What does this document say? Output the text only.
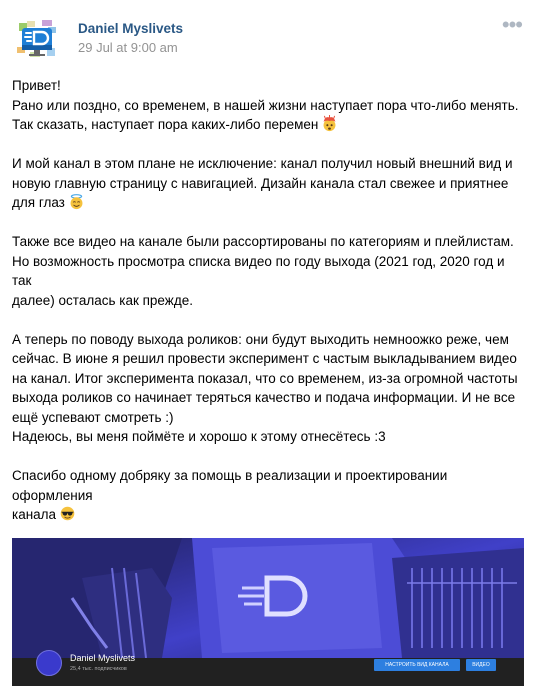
Daniel Myslivets
29 Jul at 9:00 am
•••

Привет!
Рано или поздно, со временем, в нашей жизни наступает пора что-либо менять.
Так сказать, наступает пора каких-либо перемен

И мой канал в этом плане не исключение: канал получил новый внешний вид и
новую главную страницу с навигацией. Дизайн канала стал свежее и приятнее
для глаз

Также все видео на канале были рассортированы по категориям и плейлистам.
Но возможность просмотра списка видео по году выхода (2021 год, 2020 год и так
далее) осталась как прежде.

А теперь по поводу выхода роликов: они будут выходить немноожко реже, чем
сейчас. В июне я решил провести эксперимент с частым выкладыванием видео
на канал. Итог эксперимента показал, что со временем, из-за огромной частоты
выхода роликов со начинает теряться качество и подача информации. И не все
ещё успевают смотреть :)
Надеюсь, вы меня поймёте и хорошо к этому отнесётесь :3

Спасибо одному добряку за помощь в реализации и проектировании оформления
канала

Daniel Myslivets
25,4 тыс. подписчиков
НАСТРОИТЬ ВИД КАНАЛА	ВИДЕО
